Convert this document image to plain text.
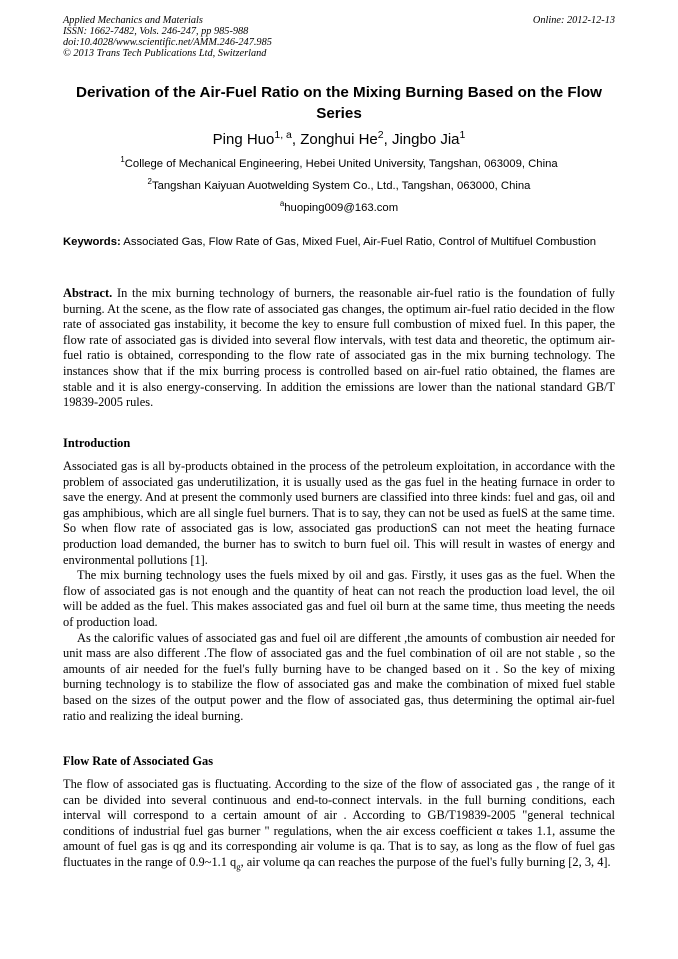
Applied Mechanics and Materials	Online: 2012-12-13
ISSN: 1662-7482, Vols. 246-247, pp 985-988
doi:10.4028/www.scientific.net/AMM.246-247.985
© 2013 Trans Tech Publications Ltd, Switzerland
Derivation of the Air-Fuel Ratio on the Mixing Burning Based on the Flow Series
Ping Huo$^{1, a}$, Zonghui He$^2$, Jingbo Jia$^1$
$^1$College of Mechanical Engineering, Hebei United University, Tangshan, 063009, China
$^2$Tangshan Kaiyuan Auotwelding System Co., Ltd., Tangshan, 063000, China
$^a$huoping009@163.com
Keywords: Associated Gas, Flow Rate of Gas, Mixed Fuel, Air-Fuel Ratio, Control of Multifuel Combustion

Abstract. In the mix burning technology of burners, the reasonable air-fuel ratio is the foundation of fully burning. At the scene, as the flow rate of associated gas changes, the optimum air-fuel ratio decided in the flow rate of associated gas instability, it become the key to ensure full combustion of mixed fuel. In this paper, the flow rate of associated gas is divided into several flow intervals, with test data and theoretic, the optimum air-fuel ratio is obtained, corresponding to the flow rate of associated gas in the mix burning technology. The instances show that if the mix burring process is controlled based on air-fuel ratio obtained, the flames are stable and it is also energy-conserving. In addition the emissions are lower than the national standard GB/T 19839-2005 rules.

Introduction

Associated gas is all by-products obtained in the process of the petroleum exploitation, in accordance with the problem of associated gas underutilization, it is usually used as the gas fuel in the heating furnace in order to save the energy. And at present the commonly used burners are classified into three kinds: fuel and gas, oil and gas amphibious, which are all single fuel burners. That is to say, they can not be used as fuelS at the same time. So when flow rate of associated gas is low, associated gas productionS can not meet the heating furnace production load demanded, the burner has to switch to burn fuel oil. This will result in wastes of energy and environmental pollutions [1].

The mix burning technology uses the fuels mixed by oil and gas. Firstly, it uses gas as the fuel. When the flow of associated gas is not enough and the quantity of heat can not reach the production load level, the oil will be added as the fuel. This makes associated gas and fuel oil burn at the same time, thus meeting the needs of production load.

As the calorific values of associated gas and fuel oil are different ,the amounts of combustion air needed for unit mass are also different .The flow of associated gas and the fuel combination of oil are not stable , so the amounts of air needed for the fuel's fully burning have to be changed based on it . So the key of mixing burning technology is to stabilize the flow of associated gas and make the combination of mixed fuel stable based on the sizes of the output power and the flow of associated gas, thus determining the optimal air-fuel ratio and realizing the ideal burning.

Flow Rate of Associated Gas

The flow of associated gas is fluctuating. According to the size of the flow of associated gas , the range of it can be divided into several continuous and end-to-connect intervals. in the full burning conditions, each interval will correspond to a certain amount of air . According to GB/T19839-2005 "general technical conditions of industrial fuel gas burner " regulations, when the air excess coefficient α takes 1.1, assume the amount of fuel gas is qg and its corresponding air volume is qa. That is to say, as long as the flow of fuel gas fluctuates in the range of 0.9~1.1 $q_g$, air volume qa can reaches the purpose of the fuel's fully burning [2, 3, 4].
